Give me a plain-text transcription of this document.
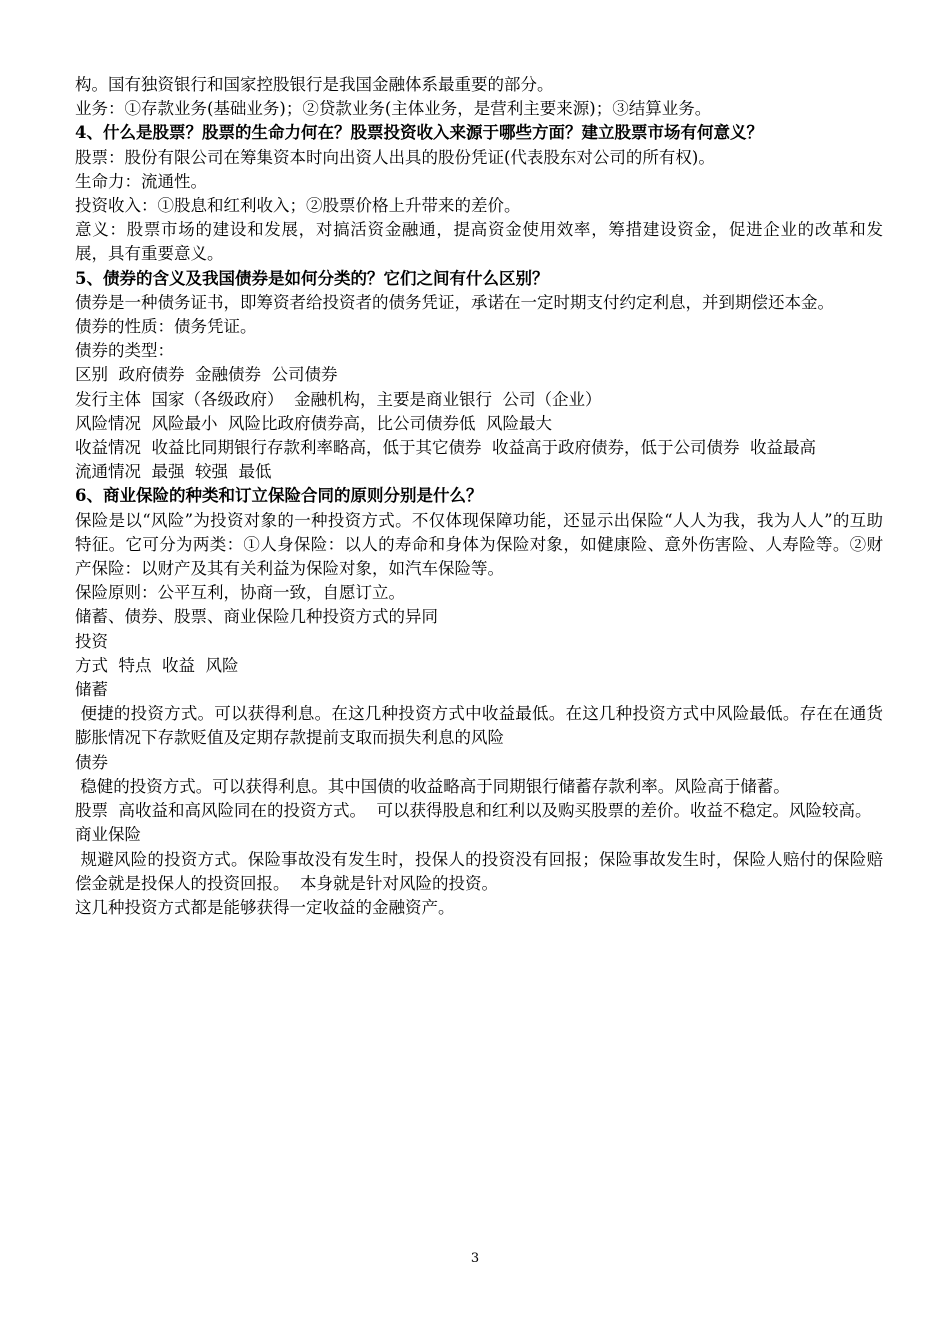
构。国有独资银行和国家控股银行是我国金融体系最重要的部分。
业务：①存款业务(基础业务)；②贷款业务(主体业务，是营利主要来源)；③结算业务。
4、什么是股票？股票的生命力何在？股票投资收入来源于哪些方面？建立股票市场有何意义？
股票：股份有限公司在筹集资本时向出资人出具的股份凭证(代表股东对公司的所有权)。
生命力：流通性。
投资收入：①股息和红利收入；②股票价格上升带来的差价。
意义：股票市场的建设和发展，对搞活资金融通，提高资金使用效率，筹措建设资金，促进企业的改革和发展，具有重要意义。
5、债券的含义及我国债券是如何分类的？它们之间有什么区别？
债券是一种债务证书，即筹资者给投资者的债务凭证，承诺在一定时期支付约定利息，并到期偿还本金。
债券的性质：债务凭证。
债券的类型：
区别  政府债券  金融债券  公司债券
发行主体  国家（各级政府）  金融机构，主要是商业银行  公司（企业）
风险情况  风险最小  风险比政府债券高，比公司债券低  风险最大
收益情况  收益比同期银行存款利率略高，低于其它债券  收益高于政府债券，低于公司债券  收益最高
流通情况  最强  较强  最低
6、商业保险的种类和订立保险合同的原则分别是什么？
保险是以“风险”为投资对象的一种投资方式。不仅体现保障功能，还显示出保险“人人为我，我为人人”的互助特征。它可分为两类：①人身保险：以人的寿命和身体为保险对象，如健康险、意外伤害险、人寿险等。②财产保险：以财产及其有关利益为保险对象，如汽车保险等。
保险原则：公平互利，协商一致，自愿订立。
储蓄、债券、股票、商业保险几种投资方式的异同
投资
方式  特点  收益  风险
储蓄
便捷的投资方式。可以获得利息。在这几种投资方式中收益最低。在这几种投资方式中风险最低。存在在通货膨胀情况下存款贬值及定期存款提前支取而损失利息的风险
债券
稳健的投资方式。可以获得利息。其中国债的收益略高于同期银行储蓄存款利率。风险高于储蓄。
股票  高收益和高风险同在的投资方式。  可以获得股息和红利以及购买股票的差价。收益不稳定。风险较高。
商业保险
规避风险的投资方式。保险事故没有发生时，投保人的投资没有回报；保险事故发生时，保险人赔付的保险赔偿金就是投保人的投资回报。  本身就是针对风险的投资。
这几种投资方式都是能够获得一定收益的金融资产。
3
